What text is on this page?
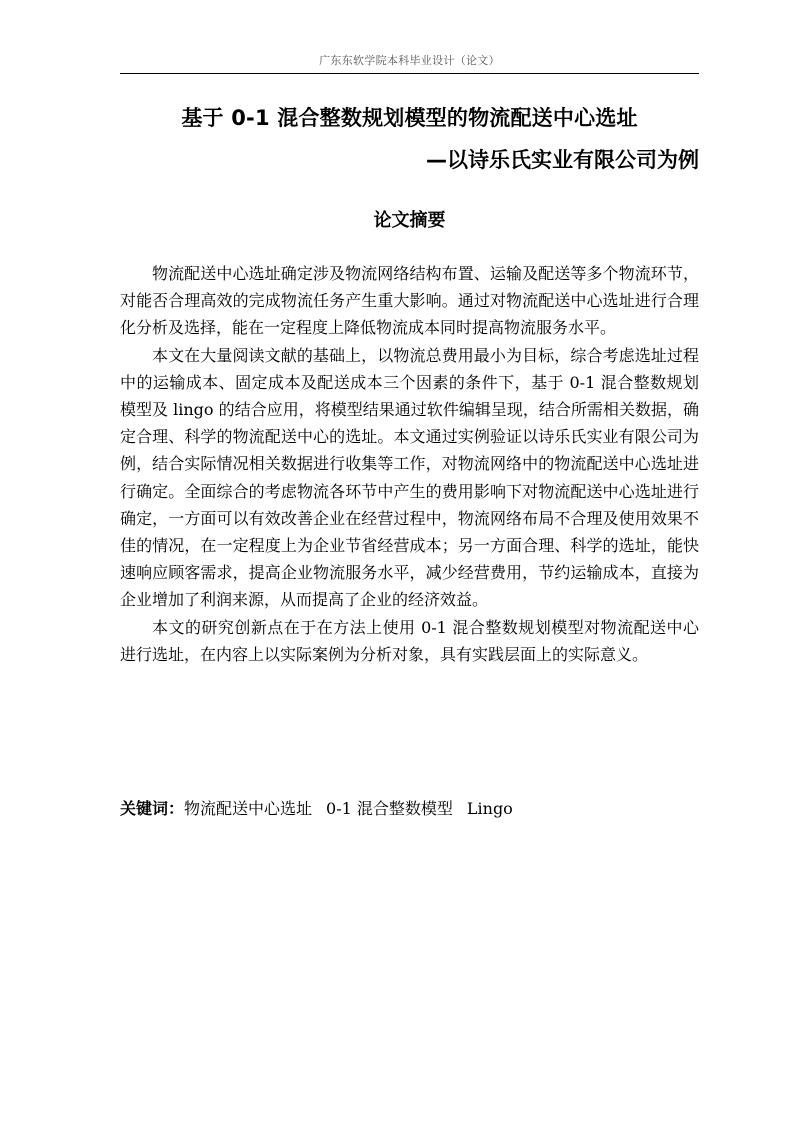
广东东软学院本科毕业设计（论文）
基于 0-1 混合整数规划模型的物流配送中心选址
—以诗乐氏实业有限公司为例
论文摘要

物流配送中心选址确定涉及物流网络结构布置、运输及配送等多个物流环节，对能否合理高效的完成物流任务产生重大影响。通过对物流配送中心选址进行合理化分析及选择，能在一定程度上降低物流成本同时提高物流服务水平。

本文在大量阅读文献的基础上，以物流总费用最小为目标，综合考虑选址过程中的运输成本、固定成本及配送成本三个因素的条件下，基于 0-1 混合整数规划模型及 lingo 的结合应用，将模型结果通过软件编辑呈现，结合所需相关数据，确定合理、科学的物流配送中心的选址。本文通过实例验证以诗乐氏实业有限公司为例，结合实际情况相关数据进行收集等工作，对物流网络中的物流配送中心选址进行确定。全面综合的考虑物流各环节中产生的费用影响下对物流配送中心选址进行确定，一方面可以有效改善企业在经营过程中，物流网络布局不合理及使用效果不佳的情况，在一定程度上为企业节省经营成本；另一方面合理、科学的选址，能快速响应顾客需求，提高企业物流服务水平，减少经营费用，节约运输成本，直接为企业增加了利润来源，从而提高了企业的经济效益。

本文的研究创新点在于在方法上使用 0-1 混合整数规划模型对物流配送中心进行选址，在内容上以实际案例为分析对象，具有实践层面上的实际意义。

关键词：物流配送中心选址 0-1 混合整数模型 Lingo
